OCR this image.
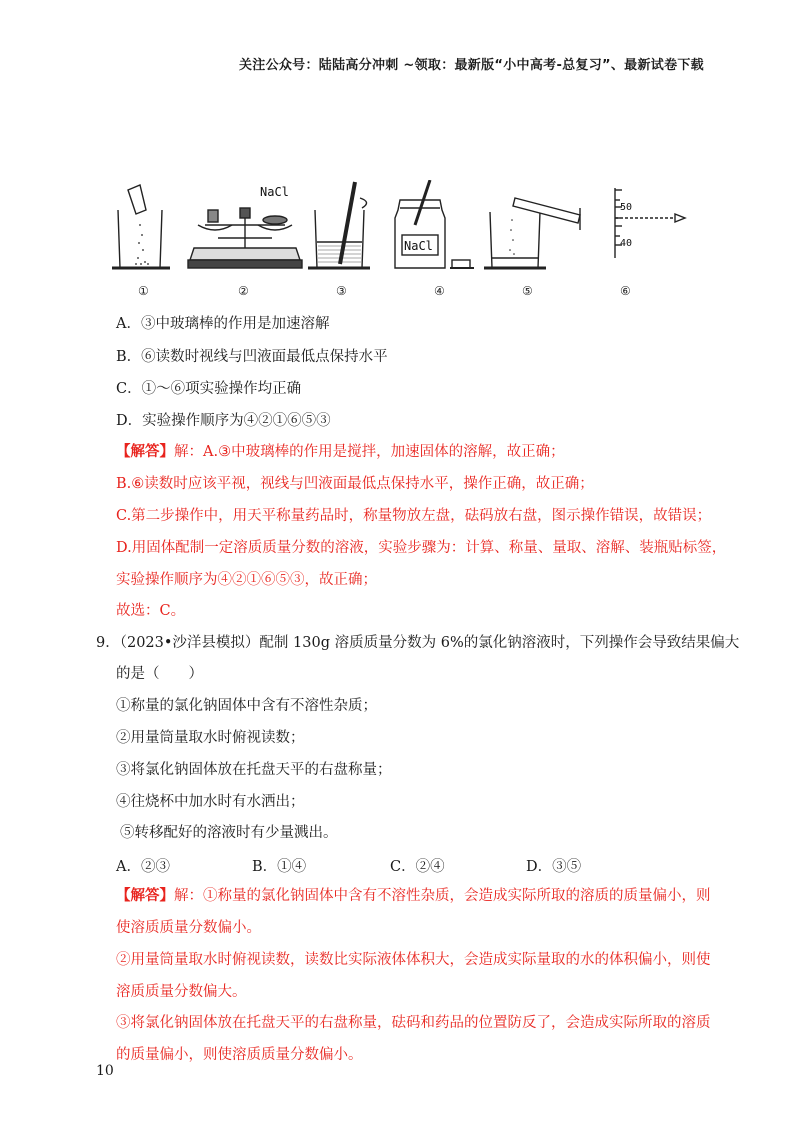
关注公众号：陆陆高分冲刺 ~领取：最新版“小中高考-总复习”、最新试卷下载
NaCl
NaCl
50
40
①	②	③	④	⑤	⑥
A．③中玻璃棒的作用是加速溶解
B．⑥读数时视线与凹液面最低点保持水平
C．①～⑥项实验操作均正确
D．实验操作顺序为④②①⑥⑤③
【解答】解：A.③中玻璃棒的作用是搅拌，加速固体的溶解，故正确；
B.⑥读数时应该平视，视线与凹液面最低点保持水平，操作正确，故正确；
C.第二步操作中，用天平称量药品时，称量物放左盘，砝码放右盘，图示操作错误，故错误；
D.用固体配制一定溶质质量分数的溶液，实验步骤为：计算、称量、量取、溶解、装瓶贴标签，
实验操作顺序为④②①⑥⑤③，故正确；
故选：C。
9．（2023•沙洋县模拟）配制 130g 溶质质量分数为 6%的氯化钠溶液时，下列操作会导致结果偏大
的是（　　）
①称量的氯化钠固体中含有不溶性杂质；
②用量筒量取水时俯视读数；
③将氯化钠固体放在托盘天平的右盘称量；
④往烧杯中加水时有水洒出；
⑤转移配好的溶液时有少量溅出。
A．②③	B．①④	C．②④	D．③⑤
【解答】解：①称量的氯化钠固体中含有不溶性杂质，会造成实际所取的溶质的质量偏小，则
使溶质质量分数偏小。
②用量筒量取水时俯视读数，读数比实际液体体积大，会造成实际量取的水的体积偏小，则使
溶质质量分数偏大。
③将氯化钠固体放在托盘天平的右盘称量，砝码和药品的位置防反了，会造成实际所取的溶质
的质量偏小，则使溶质质量分数偏小。
10
